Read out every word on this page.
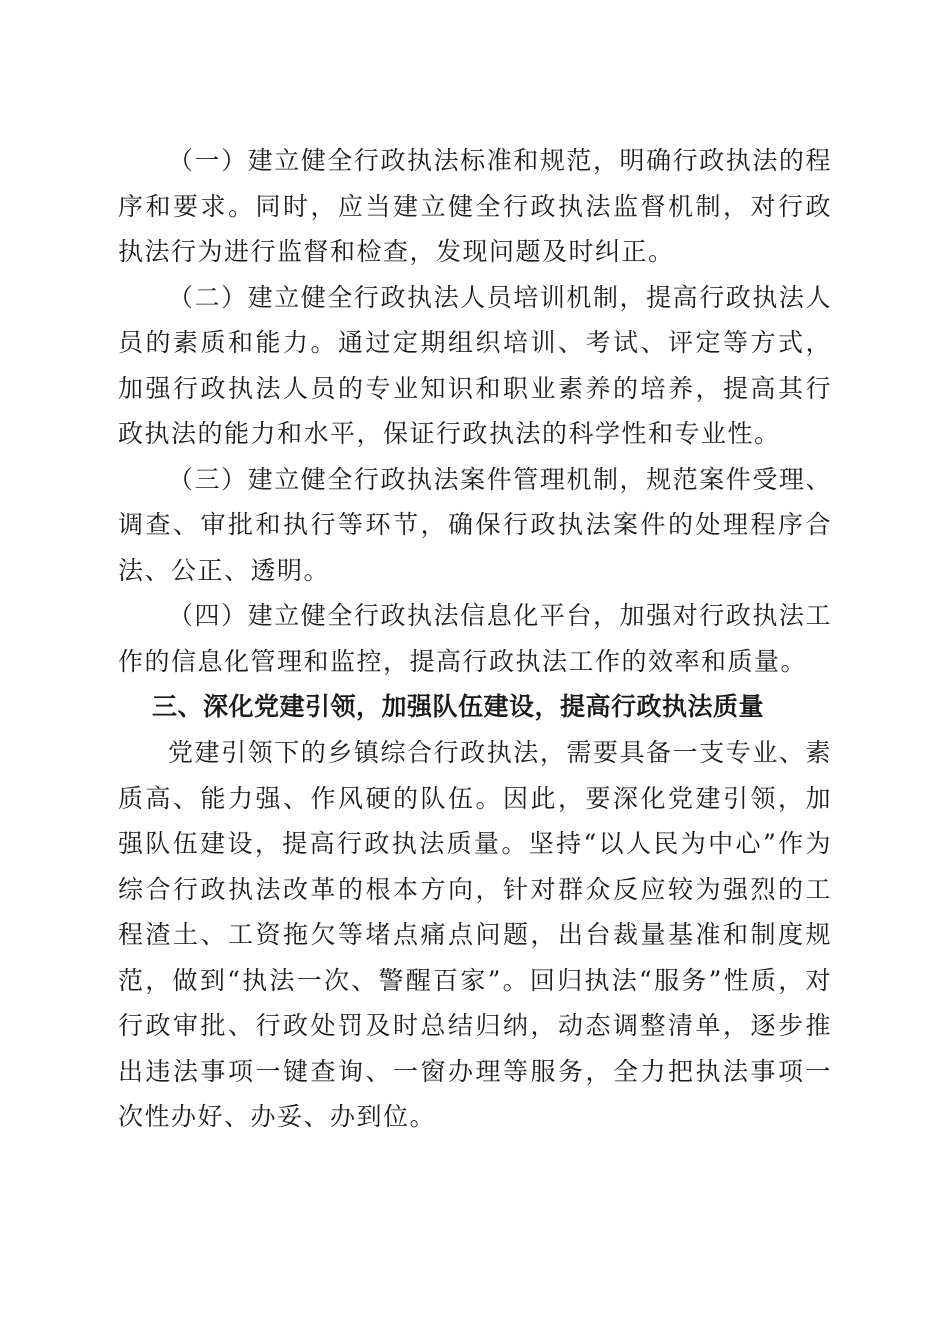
（一）建立健全行政执法标准和规范，明确行政执法的程序和要求。同时，应当建立健全行政执法监督机制，对行政执法行为进行监督和检查，发现问题及时纠正。

（二）建立健全行政执法人员培训机制，提高行政执法人员的素质和能力。通过定期组织培训、考试、评定等方式，加强行政执法人员的专业知识和职业素养的培养，提高其行政执法的能力和水平，保证行政执法的科学性和专业性。

（三）建立健全行政执法案件管理机制，规范案件受理、调查、审批和执行等环节，确保行政执法案件的处理程序合法、公正、透明。

（四）建立健全行政执法信息化平台，加强对行政执法工作的信息化管理和监控，提高行政执法工作的效率和质量。

三、深化党建引领，加强队伍建设，提高行政执法质量

党建引领下的乡镇综合行政执法，需要具备一支专业、素质高、能力强、作风硬的队伍。因此，要深化党建引领，加强队伍建设，提高行政执法质量。坚持“以人民为中心”作为综合行政执法改革的根本方向，针对群众反应较为强烈的工程渣土、工资拖欠等堵点痛点问题，出台裁量基准和制度规范，做到“执法一次、警醒百家”。回归执法“服务”性质，对行政审批、行政处罚及时总结归纳，动态调整清单，逐步推出违法事项一键查询、一窗办理等服务，全力把执法事项一次性办好、办妥、办到位。
